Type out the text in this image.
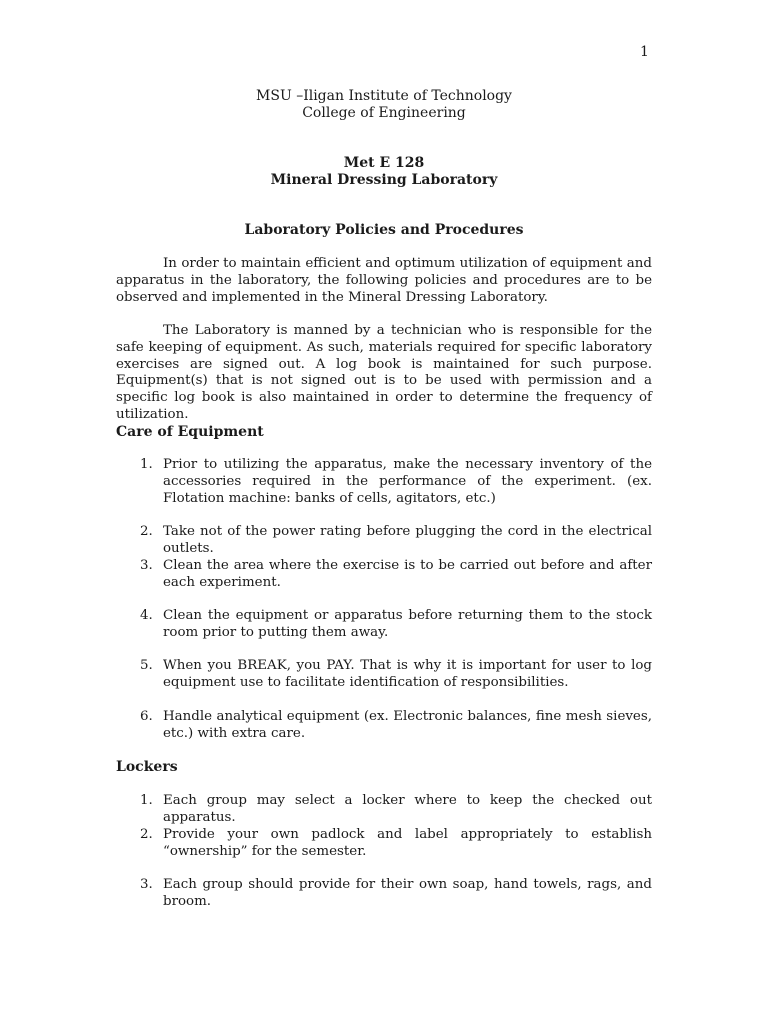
1
MSU –Iligan Institute of Technology
College of Engineering
Met E 128
Mineral Dressing Laboratory
Laboratory Policies and Procedures
In order to maintain efficient and optimum utilization of equipment and apparatus in the laboratory, the following policies and procedures are to be observed and implemented in the Mineral Dressing Laboratory.
The Laboratory is manned by a technician who is responsible for the safe keeping of equipment. As such, materials required for specific laboratory exercises are signed out. A log book is maintained for such purpose. Equipment(s) that is not signed out is to be used with permission and a specific log book is also maintained in order to determine the frequency of utilization.
Care of Equipment
1. Prior to utilizing the apparatus, make the necessary inventory of the accessories required in the performance of the experiment. (ex. Flotation machine: banks of cells, agitators, etc.)
2. Take not of the power rating before plugging the cord in the electrical outlets.
3. Clean the area where the exercise is to be carried out before and after each experiment.
4. Clean the equipment or apparatus before returning them to the stock room prior to putting them away.
5. When you BREAK, you PAY. That is why it is important for user to log equipment use to facilitate identification of responsibilities.
6. Handle analytical equipment (ex. Electronic balances, fine mesh sieves, etc.) with extra care.
Lockers
1. Each group may select a locker where to keep the checked out apparatus.
2. Provide your own padlock and label appropriately to establish “ownership” for the semester.
3. Each group should provide for their own soap, hand towels, rags, and broom.
